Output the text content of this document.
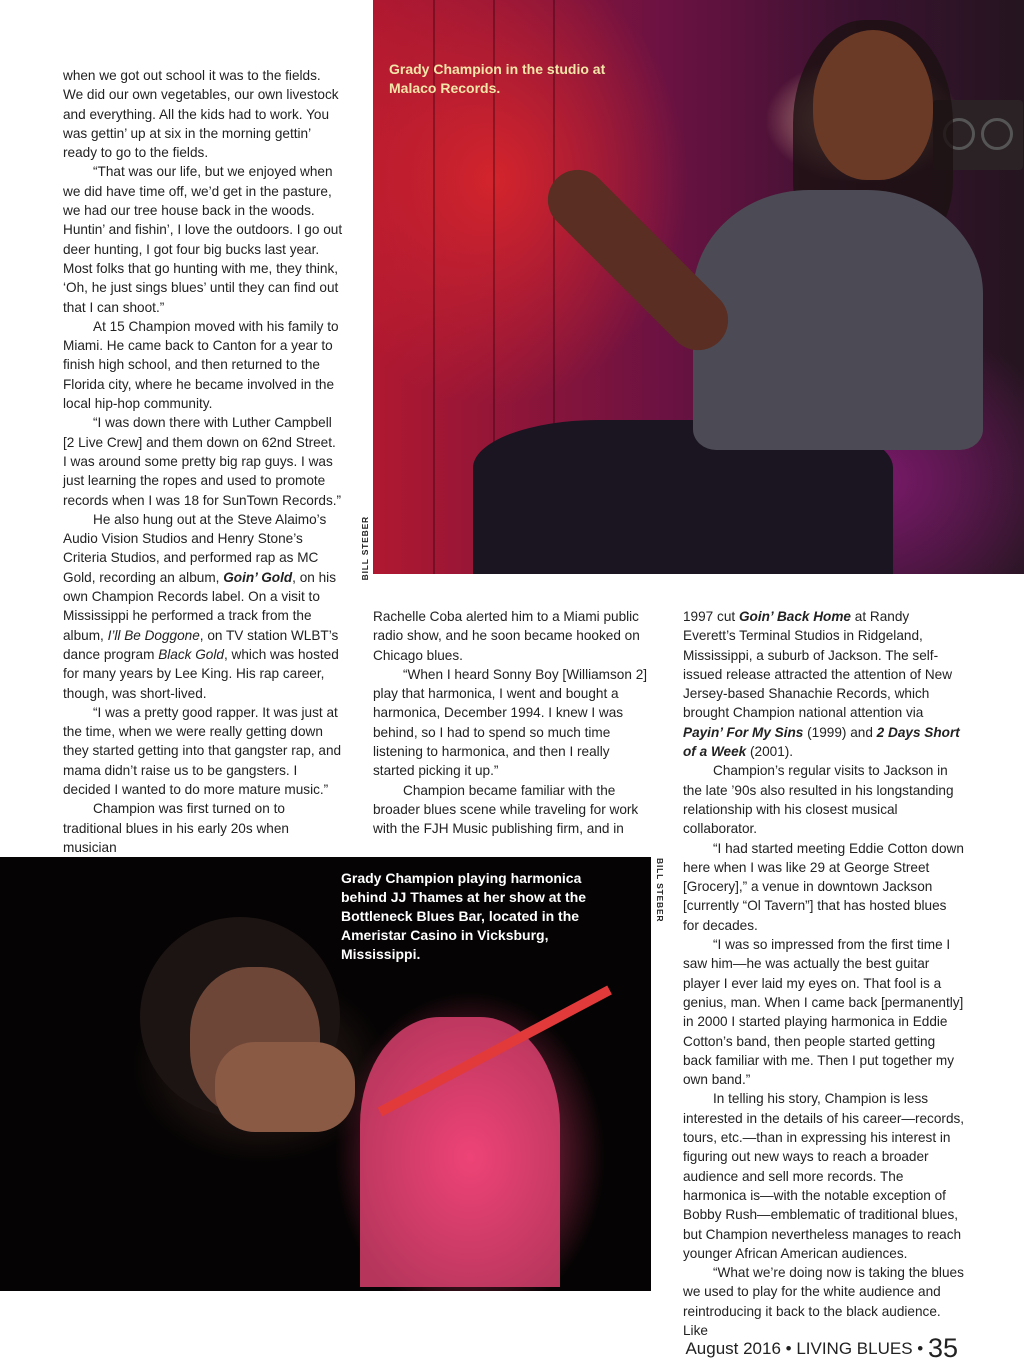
when we got out school it was to the fields. We did our own vegetables, our own livestock and everything. All the kids had to work. You was gettin’ up at six in the morning gettin’ ready to go to the fields.

“That was our life, but we enjoyed when we did have time off, we’d get in the pasture, we had our tree house back in the woods. Huntin’ and fishin’, I love the outdoors. I go out deer hunting, I got four big bucks last year. Most folks that go hunting with me, they think, ‘Oh, he just sings blues’ until they can find out that I can shoot.”

At 15 Champion moved with his family to Miami. He came back to Canton for a year to finish high school, and then returned to the Florida city, where he became involved in the local hip-hop community.

“I was down there with Luther Campbell [2 Live Crew] and them down on 62nd Street. I was around some pretty big rap guys. I was just learning the ropes and used to promote records when I was 18 for SunTown Records.”

He also hung out at the Steve Alaimo’s Audio Vision Studios and Henry Stone’s Criteria Studios, and performed rap as MC Gold, recording an album, Goin’ Gold, on his own Champion Records label. On a visit to Mississippi he performed a track from the album, I’ll Be Doggone, on TV station WLBT’s dance program Black Gold, which was hosted for many years by Lee King. His rap career, though, was short-lived.

“I was a pretty good rapper. It was just at the time, when we were really getting down they started getting into that gangster rap, and mama didn’t raise us to be gangsters. I decided I wanted to do more mature music.”

Champion was first turned on to traditional blues in his early 20s when musician

Grady Champion in the studio at Malaco Records.
BILL STEBER

Rachelle Coba alerted him to a Miami public radio show, and he soon became hooked on Chicago blues.

“When I heard Sonny Boy [Williamson 2] play that harmonica, I went and bought a harmonica, December 1994. I knew I was behind, so I had to spend so much time listening to harmonica, and then I really started picking it up.”

Champion became familiar with the broader blues scene while traveling for work with the FJH Music publishing firm, and in

1997 cut Goin’ Back Home at Randy Everett’s Terminal Studios in Ridgeland, Mississippi, a suburb of Jackson. The self-issued release attracted the attention of New Jersey-based Shanachie Records, which brought Champion national attention via Payin’ For My Sins (1999) and 2 Days Short of a Week (2001).

Champion’s regular visits to Jackson in the late ’90s also resulted in his longstanding relationship with his closest musical collaborator.

“I had started meeting Eddie Cotton down here when I was like 29 at George Street [Grocery],” a venue in downtown Jackson [currently “Ol Tavern”] that has hosted blues for decades.

“I was so impressed from the first time I saw him—he was actually the best guitar player I ever laid my eyes on. That fool is a genius, man. When I came back [permanently] in 2000 I started playing harmonica in Eddie Cotton’s band, then people started getting back familiar with me. Then I put together my own band.”

In telling his story, Champion is less interested in the details of his career—records, tours, etc.—than in expressing his interest in figuring out new ways to reach a broader audience and sell more records. The harmonica is—with the notable exception of Bobby Rush—emblematic of traditional blues, but Champion nevertheless manages to reach younger African American audiences.

“What we’re doing now is taking the blues we used to play for the white audience and reintroducing it back to the black audience. Like

Grady Champion playing harmonica behind JJ Thames at her show at the Bottleneck Blues Bar, located in the Ameristar Casino in Vicksburg, Mississippi.
BILL STEBER
August 2016 • LIVING BLUES • 35
